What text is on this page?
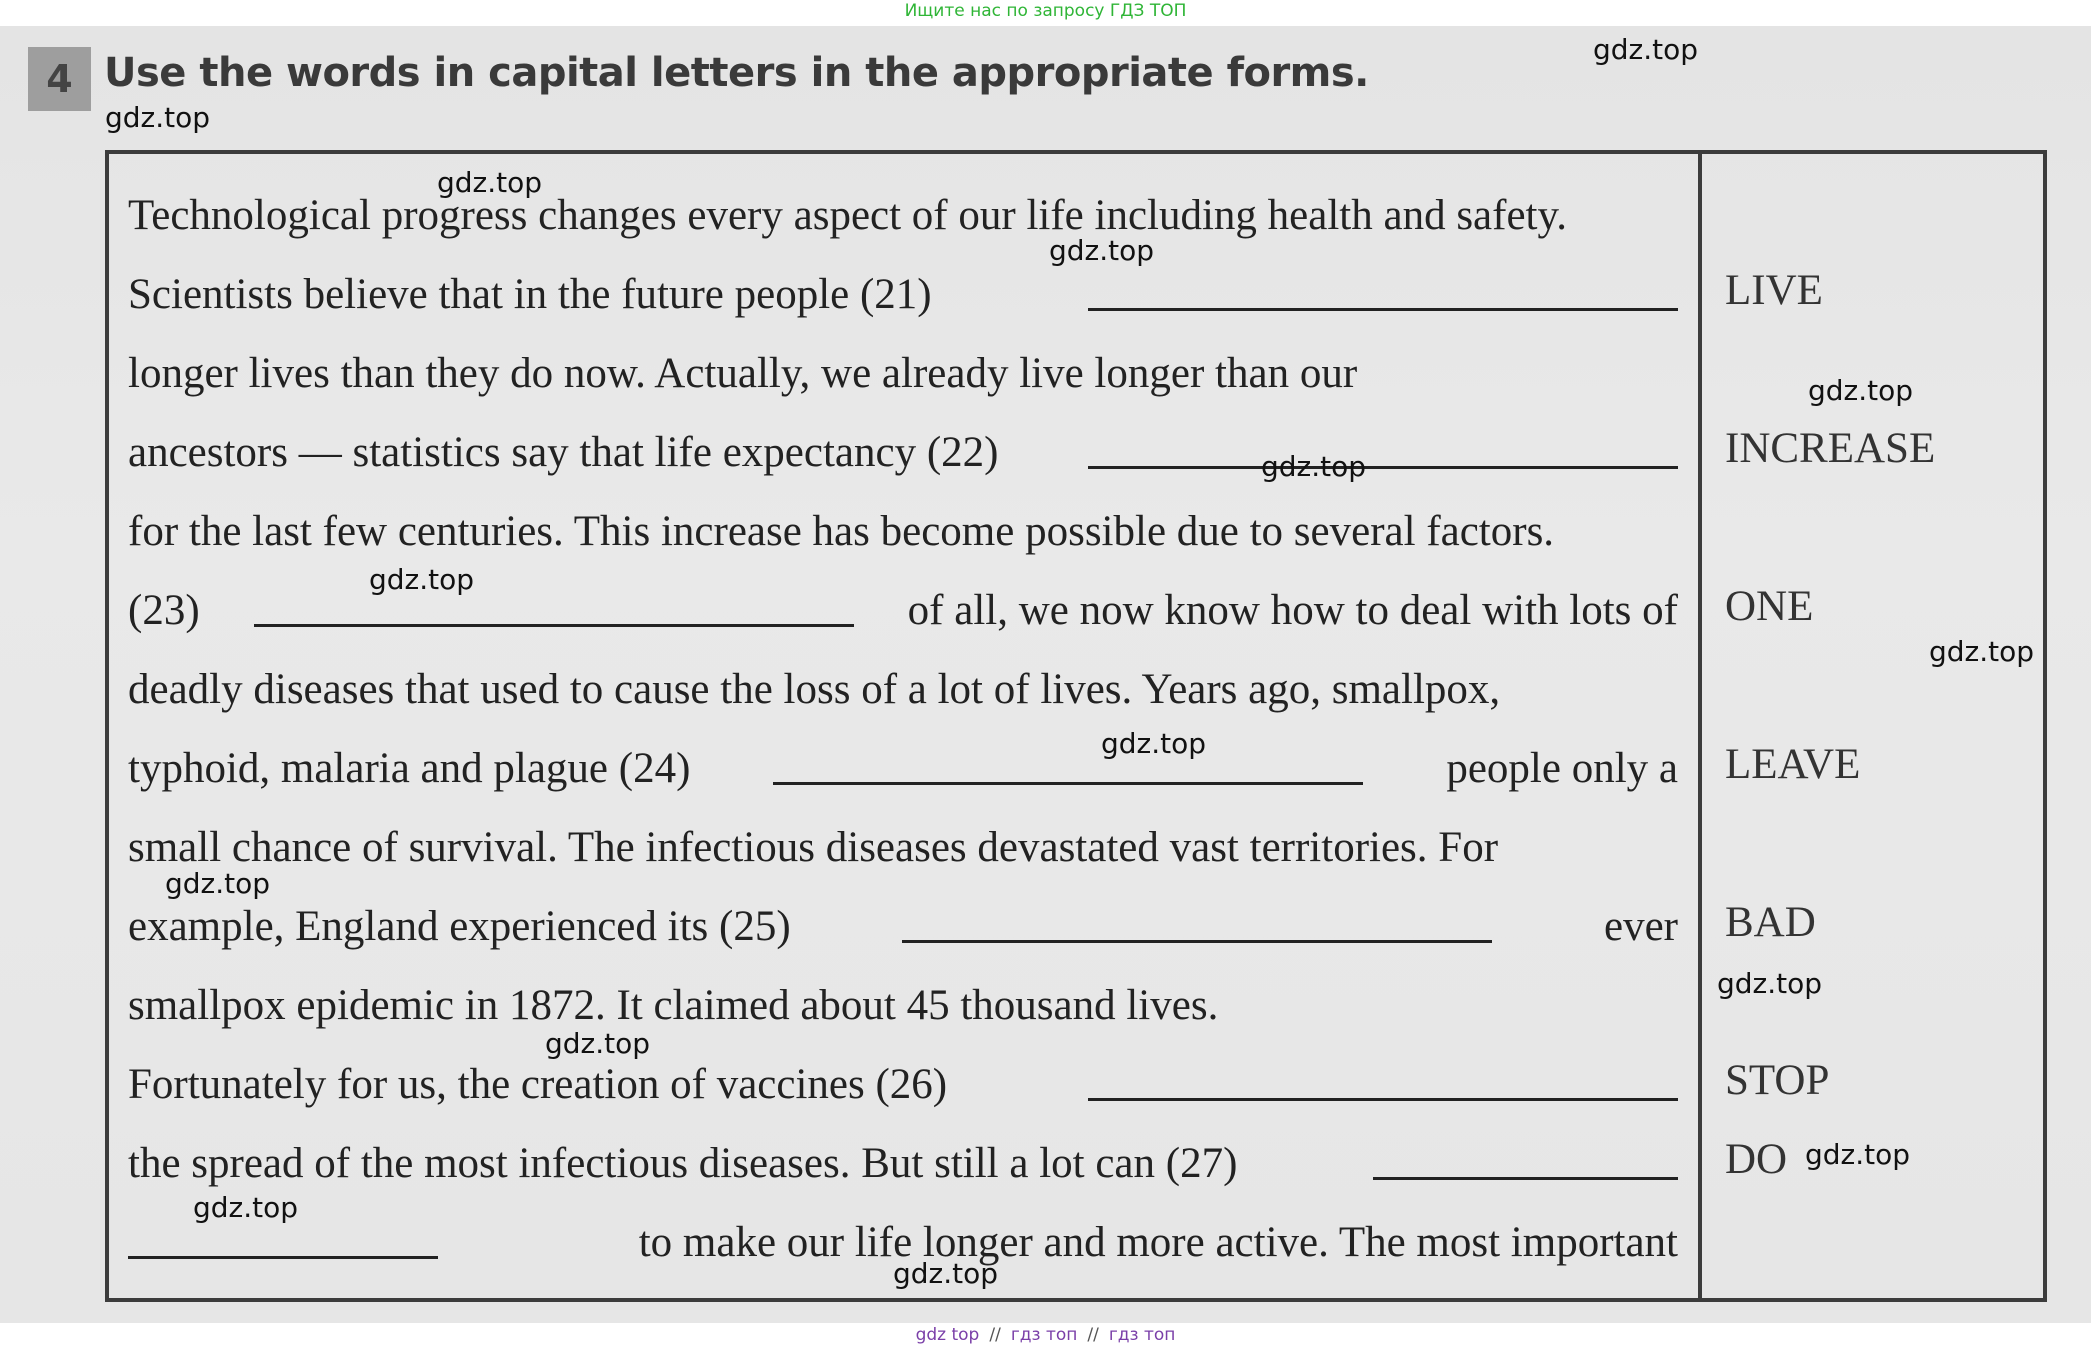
Ищите нас по запросу ГДЗ ТОП
4 Use the words in capital letters in the appropriate forms.
Technological progress changes every aspect of our life including health and safety.
Scientists believe that in the future people (21)
longer lives than they do now. Actually, we already live longer than our
ancestors — statistics say that life expectancy (22)
for the last few centuries. This increase has become possible due to several factors.
(23)	of all, we now know how to deal with lots of
deadly diseases that used to cause the loss of a lot of lives. Years ago, smallpox,
typhoid, malaria and plague (24)	people only a
small chance of survival. The infectious diseases devastated vast territories. For
example, England experienced its (25)	ever
smallpox epidemic in 1872. It claimed about 45 thousand lives.
Fortunately for us, the creation of vaccines (26)
the spread of the most infectious diseases. But still a lot can (27)
to make our life longer and more active. The most important
LIVE
INCREASE
ONE
LEAVE
BAD
STOP
DO
gdz.top
gdz.top
gdz.top
gdz.top
gdz.top
gdz.top
gdz.top
gdz.top
gdz.top
gdz.top
gdz.top
gdz.top
gdz.top
gdz.top
gdz.top
gdz top // гдз топ // гдз топ
